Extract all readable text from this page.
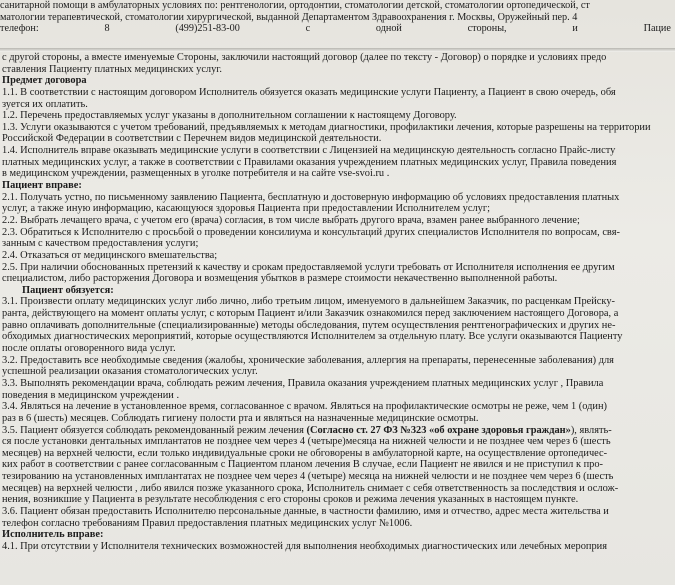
санитарной помощи в амбулаторных условиях по: рентгенологии, ортодонтии, стоматологии детской, стоматологии ортопедической, ст
матологии терапевтической, стоматологии хирургической, выданной Департаментом Здравоохранения г. Москвы, Оружейный пер. 4
телефон:	8	(499)251-83-00	с	одной	стороны,	и	Пацие

с другой стороны, а вместе именуемые Стороны, заключили настоящий договор (далее по тексту - Договор) о порядке и условиях предо
ставления Пациенту платных медицинских услуг.
Предмет договора
1.1. В соответствии с настоящим договором Исполнитель обязуется оказать медицинские услуги Пациенту, а Пациент в свою очередь, обя
зуется их оплатить.
1.2. Перечень предоставляемых услуг указаны в дополнительном соглашении к настоящему Договору.
1.3. Услуги оказываются с учетом требований, предъявляемых к методам диагностики, профилактики лечения, которые разрешены на территории
Российской Федерации в соответствии с Перечнем видов медицинской деятельности.
1.4. Исполнитель вправе оказывать медицинские услуги в соответствии с Лицензией на медицинскую деятельность согласно Прайс-листу
платных медицинских услуг, а также в соответствии с Правилами оказания учреждением платных медицинских услуг, Правила поведения
в медицинском учреждении, размещенных в уголке потребителя и на сайте vse-svoi.ru .
Пациент вправе:
2.1. Получать устно, по письменному заявлению Пациента, бесплатную и достоверную информацию об условиях предоставления платных
услуг, а также иную информацию, касающуюся здоровья Пациента при предоставлении Исполнителем услуг;
2.2. Выбрать лечащего врача, с учетом его (врача) согласия, в том числе выбрать другого врача, взамен ранее выбранного лечение;
2.3. Обратиться к Исполнителю с просьбой о проведении консилиума и консультаций других специалистов Исполнителя по вопросам, свя-
занным с качеством предоставления услуги;
2.4. Отказаться от медицинского вмешательства;
2.5. При наличии обоснованных претензий к качеству и срокам предоставляемой услуги требовать от Исполнителя исполнения ее другим
специалистом, либо расторжения Договора и возмещения убытков в размере стоимости некачественно выполненной работы.
Пациент обязуется:
3.1. Произвести оплату медицинских услуг либо лично, либо третьим лицом, именуемого в дальнейшем Заказчик, по расценкам Прейску-
ранта, действующего на момент оплаты услуг, с которым Пациент и/или Заказчик ознакомился перед заключением настоящего Договора, а
равно оплачивать дополнительные (специализированные) методы обследования, путем осуществления рентгенографических и других не-
обходимых диагностических мероприятий, которые осуществляются Исполнителем за отдельную плату. Все услуги оказываются Пациенту
после оплаты оговоренного вида услуг.
3.2. Предоставить все необходимые сведения (жалобы, хронические заболевания, аллергия на препараты, перенесенные заболевания) для
успешной реализации оказания стоматологических услуг.
3.3. Выполнять рекомендации врача, соблюдать режим лечения, Правила оказания учреждением платных медицинских услуг , Правила
поведения в медицинском учреждении .
3.4. Являться на лечение в установленное время, согласованное с врачом. Являться на профилактические осмотры не реже, чем 1 (один)
раз в 6 (шесть) месяцев. Соблюдать гигиену полости рта и являться на назначенные медицинские осмотры.
3.5. Пациент обязуется соблюдать рекомендованный режим лечения (Согласно ст. 27 ФЗ №323 «об охране здоровья граждан»), являть-
ся после установки дентальных имплантатов не позднее чем через 4 (четыре)месяца на нижней челюсти и не позднее чем через 6 (шесть
месяцев) на верхней челюсти, если только индивидуальные сроки не обговорены в амбулаторной карте, на осуществление ортопедичес-
ких работ в соответствии с ранее согласованным с Пациентом планом лечения В случае, если Пациент не явился и не приступил к про-
тезированию на установленных имплантатах не позднее чем через 4 (четыре) месяца на нижней челюсти и не позднее чем через 6 (шесть
месяцев) на верхней челюсти , либо явился позже указанного срока, Исполнитель снимает с себя ответственность за последствия и ослож-
нения, возникшие у Пациента в результате несоблюдения с его стороны сроков и режима лечения указанных в настоящем пункте.
3.6. Пациент обязан предоставить Исполнителю персональные данные, в частности фамилию, имя и отчество, адрес места жительства и
телефон согласно требованиям Правил предоставления платных медицинских услуг №1006.
Исполнитель вправе:
4.1. При отсутствии у Исполнителя технических возможностей для выполнения необходимых диагностических или лечебных мероприя
